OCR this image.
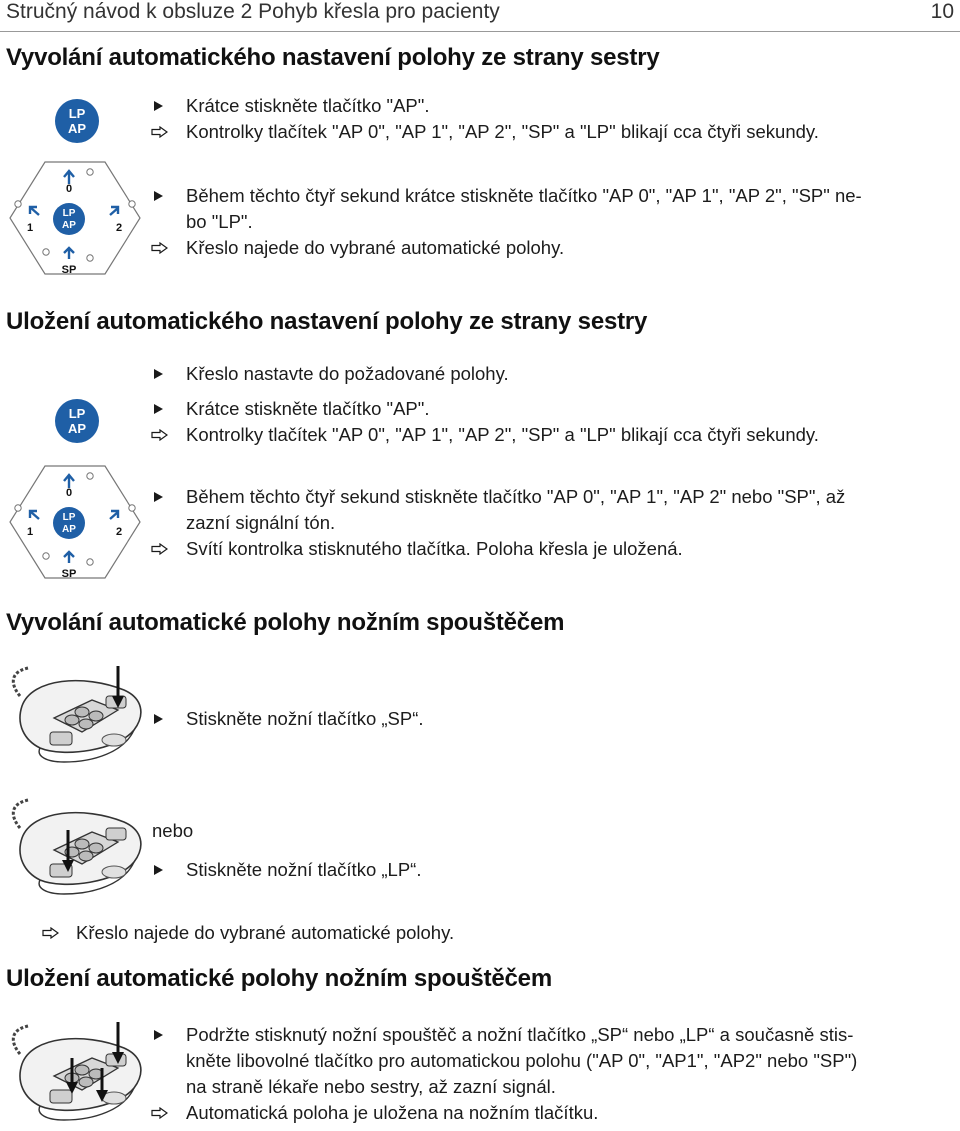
Stručný návod k obsluze 2 Pohyb křesla pro pacienty	10
Vyvolání automatického nastavení polohy ze strany sestry
LP
AP
Krátce stiskněte tlačítko "AP".
Kontrolky tlačítek "AP 0", "AP 1", "AP 2", "SP" a "LP" blikají cca čtyři sekundy.
LP
AP
0
1	2
SP
Během těchto čtyř sekund krátce stiskněte tlačítko "AP 0", "AP 1", "AP 2", "SP" ne-
bo "LP".
Křeslo najede do vybrané automatické polohy.
Uložení automatického nastavení polohy ze strany sestry
Křeslo nastavte do požadované polohy.
LP
AP
Krátce stiskněte tlačítko "AP".
Kontrolky tlačítek "AP 0", "AP 1", "AP 2", "SP" a "LP" blikají cca čtyři sekundy.
LP
AP
0
1	2
SP
Během těchto čtyř sekund stiskněte tlačítko "AP 0", "AP 1", "AP 2" nebo "SP", až
zazní signální tón.
Svítí kontrolka stisknutého tlačítka. Poloha křesla je uložená.
Vyvolání automatické polohy nožním spouštěčem
Stiskněte nožní tlačítko „SP“.
nebo
Stiskněte nožní tlačítko „LP“.
Křeslo najede do vybrané automatické polohy.
Uložení automatické polohy nožním spouštěčem
Podržte stisknutý nožní spouštěč a nožní tlačítko „SP“ nebo „LP“ a současně stis-
kněte libovolné tlačítko pro automatickou polohu ("AP 0", "AP1", "AP2" nebo "SP")
na straně lékaře nebo sestry, až zazní signál.
Automatická poloha je uložena na nožním tlačítku.
